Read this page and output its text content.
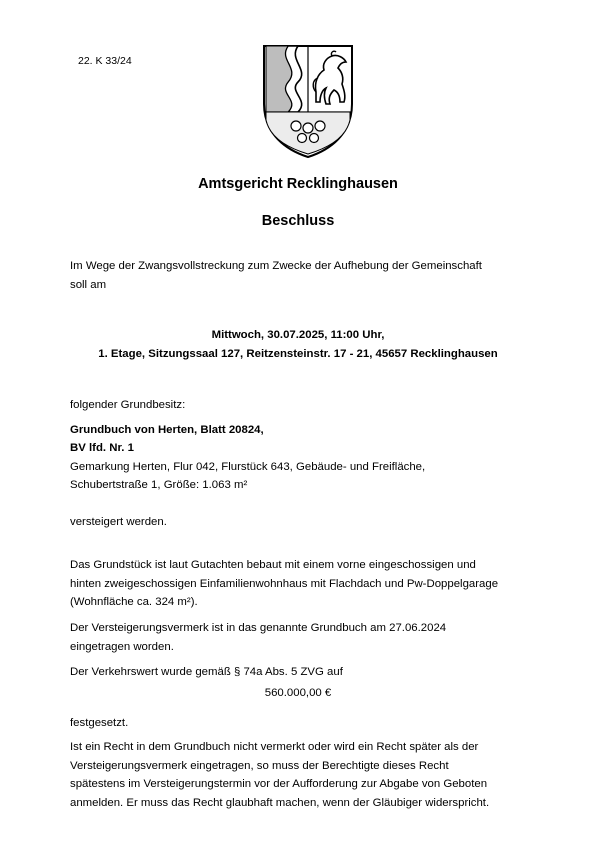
22. K 33/24
Amtsgericht Recklinghausen
Beschluss
Im Wege der Zwangsvollstreckung zum Zwecke der Aufhebung der Gemeinschaft
soll am
Mittwoch, 30.07.2025, 11:00 Uhr,
1. Etage, Sitzungssaal 127, Reitzensteinstr. 17 - 21, 45657 Recklinghausen
folgender Grundbesitz:
Grundbuch von Herten, Blatt 20824,
BV lfd. Nr. 1
Gemarkung Herten, Flur 042, Flurstück 643, Gebäude- und Freifläche,
Schubertstraße 1, Größe: 1.063 m²
versteigert werden.
Das Grundstück ist laut Gutachten bebaut mit einem vorne eingeschossigen und
hinten zweigeschossigen Einfamilienwohnhaus mit Flachdach und Pw-Doppelgarage
(Wohnfläche ca. 324 m²).
Der Versteigerungsvermerk ist in das genannte Grundbuch am 27.06.2024
eingetragen worden.
Der Verkehrswert wurde gemäß § 74a Abs. 5 ZVG auf
560.000,00 €
festgesetzt.
Ist ein Recht in dem Grundbuch nicht vermerkt oder wird ein Recht später als der
Versteigerungsvermerk eingetragen, so muss der Berechtigte dieses Recht
spätestens im Versteigerungstermin vor der Aufforderung zur Abgabe von Geboten
anmelden. Er muss das Recht glaubhaft machen, wenn der Gläubiger widerspricht.
